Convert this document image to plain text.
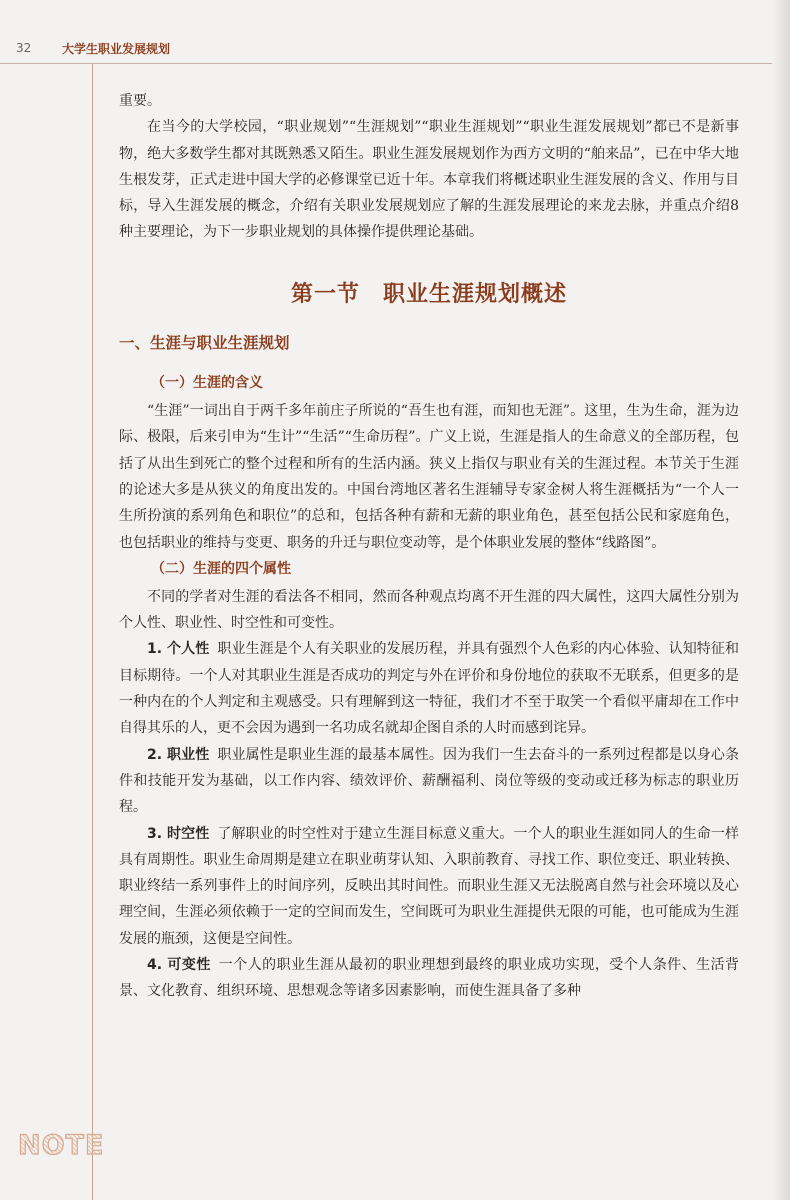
32	大学生职业发展规划

重要。

在当今的大学校园，“职业规划”“生涯规划”“职业生涯规划”“职业生涯发展规划”都已不是新事物，绝大多数学生都对其既熟悉又陌生。职业生涯发展规划作为西方文明的“舶来品”，已在中华大地生根发芽，正式走进中国大学的必修课堂已近十年。本章我们将概述职业生涯发展的含义、作用与目标，导入生涯发展的概念，介绍有关职业发展规划应了解的生涯发展理论的来龙去脉，并重点介绍8种主要理论，为下一步职业规划的具体操作提供理论基础。

第一节　职业生涯规划概述
一、生涯与职业生涯规划
（一）生涯的含义

“生涯”一词出自于两千多年前庄子所说的“吾生也有涯，而知也无涯”。这里，生为生命，涯为边际、极限，后来引申为“生计”“生活”“生命历程”。广义上说，生涯是指人的生命意义的全部历程，包括了从出生到死亡的整个过程和所有的生活内涵。狭义上指仅与职业有关的生涯过程。本节关于生涯的论述大多是从狭义的角度出发的。中国台湾地区著名生涯辅导专家金树人将生涯概括为“一个人一生所扮演的系列角色和职位”的总和，包括各种有薪和无薪的职业角色，甚至包括公民和家庭角色，也包括职业的维持与变更、职务的升迁与职位变动等，是个体职业发展的整体“线路图”。

（二）生涯的四个属性

不同的学者对生涯的看法各不相同，然而各种观点均离不开生涯的四大属性，这四大属性分别为个人性、职业性、时空性和可变性。

1. 个人性 职业生涯是个人有关职业的发展历程，并具有强烈个人色彩的内心体验、认知特征和目标期待。一个人对其职业生涯是否成功的判定与外在评价和身份地位的获取不无联系，但更多的是一种内在的个人判定和主观感受。只有理解到这一特征，我们才不至于取笑一个看似平庸却在工作中自得其乐的人，更不会因为遇到一名功成名就却企图自杀的人时而感到诧异。

2. 职业性 职业属性是职业生涯的最基本属性。因为我们一生去奋斗的一系列过程都是以身心条件和技能开发为基础，以工作内容、绩效评价、薪酬福利、岗位等级的变动或迁移为标志的职业历程。

3. 时空性 了解职业的时空性对于建立生涯目标意义重大。一个人的职业生涯如同人的生命一样具有周期性。职业生命周期是建立在职业萌芽认知、入职前教育、寻找工作、职位变迁、职业转换、职业终结一系列事件上的时间序列，反映出其时间性。而职业生涯又无法脱离自然与社会环境以及心理空间，生涯必须依赖于一定的空间而发生，空间既可为职业生涯提供无限的可能，也可能成为生涯发展的瓶颈，这便是空间性。

4. 可变性 一个人的职业生涯从最初的职业理想到最终的职业成功实现，受个人条件、生活背景、文化教育、组织环境、思想观念等诸多因素影响，而使生涯具备了多种

NOTE
